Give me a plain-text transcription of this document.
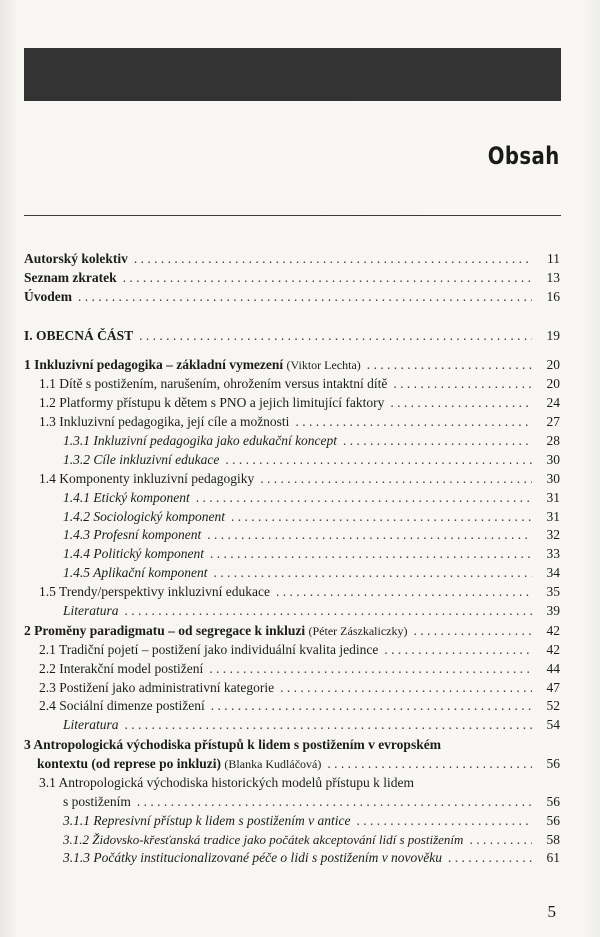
Obsah
Autorský kolektiv . . .	11
Seznam zkratek . . .	13
Úvodem . . .	16
I. OBECNÁ ČÁST . . .	19
1 Inkluzivní pedagogika – základní vymezení (Viktor Lechta) . . .	20
1.1 Dítě s postižením, narušením, ohrožením versus intaktní dítě . . .	20
1.2 Platformy přístupu k dětem s PNO a jejich limitující faktory . . .	24
1.3 Inkluzivní pedagogika, její cíle a možnosti . . .	27
1.3.1 Inkluzivní pedagogika jako edukační koncept . . .	28
1.3.2 Cíle inkluzivní edukace . . .	30
1.4 Komponenty inkluzivní pedagogiky . . .	30
1.4.1 Etický komponent . . .	31
1.4.2 Sociologický komponent . . .	31
1.4.3 Profesní komponent . . .	32
1.4.4 Politický komponent . . .	33
1.4.5 Aplikační komponent . . .	34
1.5 Trendy/perspektivy inkluzivní edukace . . .	35
Literatura . . .	39
2 Proměny paradigmatu – od segregace k inkluzi (Péter Zászkaliczky) . . .	42
2.1 Tradiční pojetí – postižení jako individuální kvalita jedince . . .	42
2.2 Interakční model postižení . . .	44
2.3 Postižení jako administrativní kategorie . . .	47
2.4 Sociální dimenze postižení . . .	52
Literatura . . .	54
3 Antropologická východiska přístupů k lidem s postižením v evropském
kontextu (od represe po inkluzi) (Blanka Kudláčová) . . .	56
3.1 Antropologická východiska historických modelů přístupu k lidem
s postižením . . .	56
3.1.1 Represivní přístup k lidem s postižením v antice . . .	56
3.1.2 Židovsko-křesťanská tradice jako počátek akceptování lidí s postižením . . .	58
3.1.3 Počátky institucionalizované péče o lidi s postižením v novověku . . .	61
5
